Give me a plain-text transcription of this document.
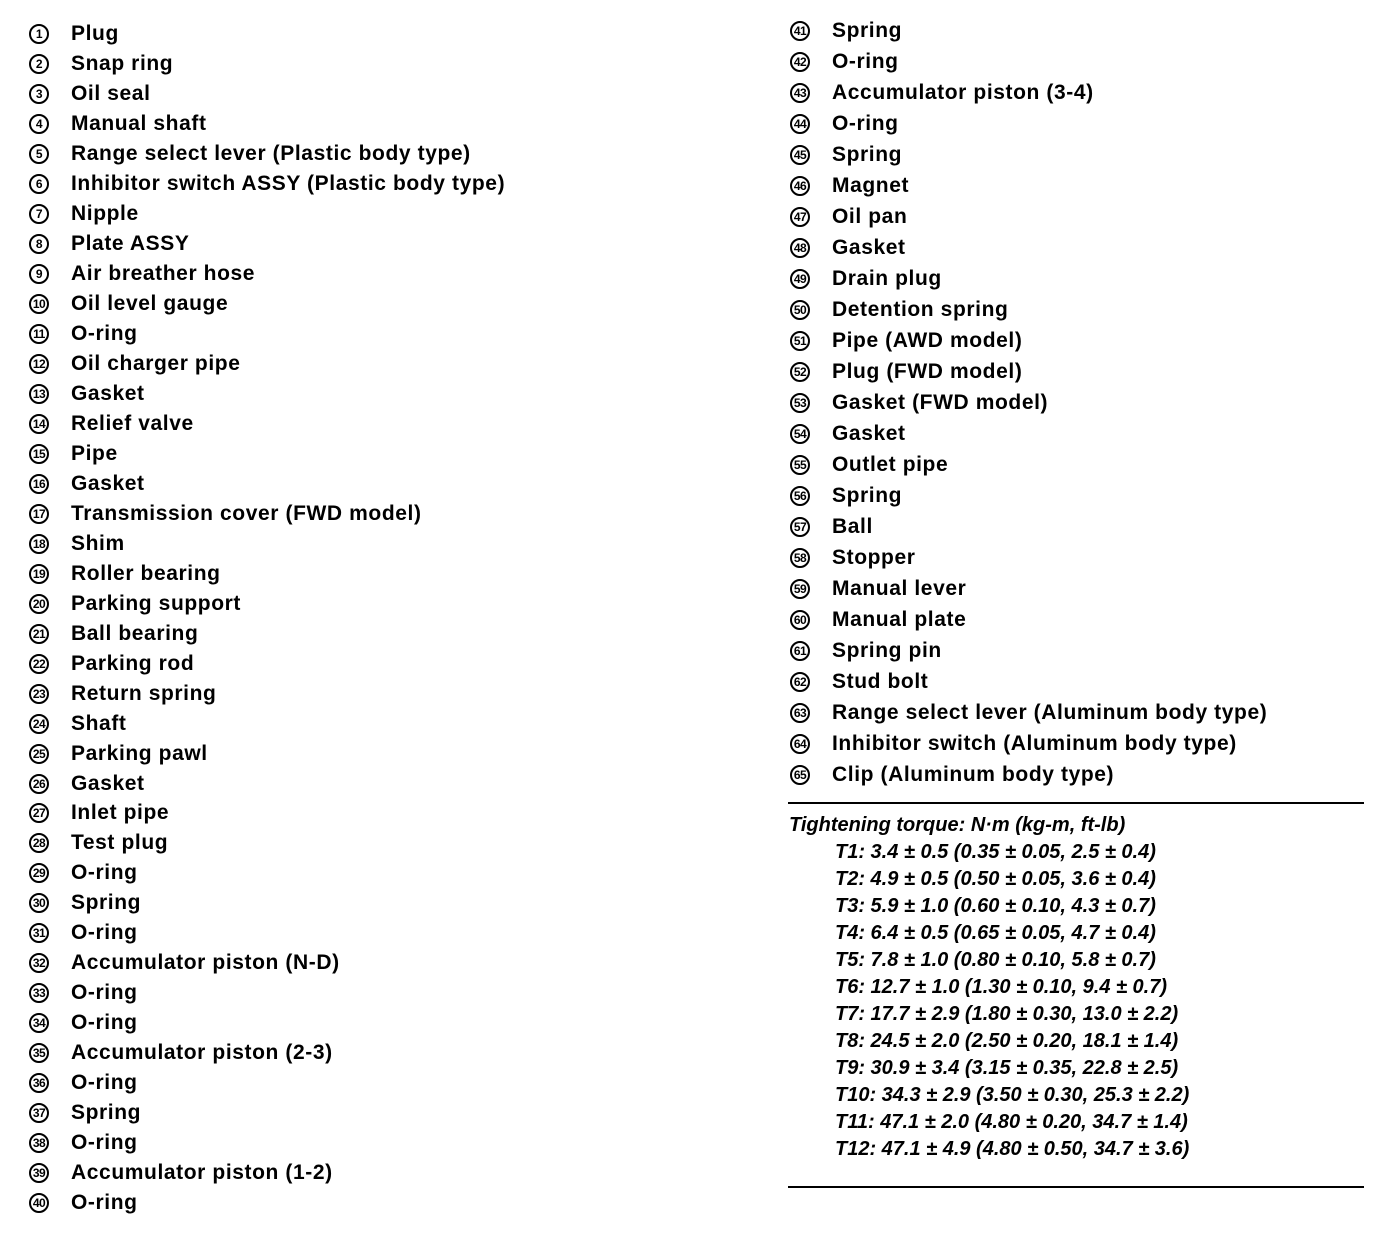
1	Plug
2	Snap ring
3	Oil seal
4	Manual shaft
5	Range select lever (Plastic body type)
6	Inhibitor switch ASSY (Plastic body type)
7	Nipple
8	Plate ASSY
9	Air breather hose
10 Oil level gauge
11 O-ring
12 Oil charger pipe
13 Gasket
14 Relief valve
15 Pipe
16 Gasket
17 Transmission cover (FWD model)
18 Shim
19 Roller bearing
20 Parking support
21 Ball bearing
22 Parking rod
23 Return spring
24 Shaft
25 Parking pawl
26 Gasket
27 Inlet pipe
28 Test plug
29 O-ring
30 Spring
31 O-ring
32 Accumulator piston (N-D)
33 O-ring
34 O-ring
35 Accumulator piston (2-3)
36 O-ring
37 Spring
38 O-ring
39 Accumulator piston (1-2)
40 O-ring
41 Spring
42 O-ring
43 Accumulator piston (3-4)
44 O-ring
45 Spring
46 Magnet
47 Oil pan
48 Gasket
49 Drain plug
50 Detention spring
51 Pipe (AWD model)
52 Plug (FWD model)
53 Gasket (FWD model)
54 Gasket
55 Outlet pipe
56 Spring
57 Ball
58 Stopper
59 Manual lever
60 Manual plate
61 Spring pin
62 Stud bolt
63 Range select lever (Aluminum body type)
64 Inhibitor switch (Aluminum body type)
65 Clip (Aluminum body type)
Tightening torque: N·m (kg-m, ft-lb)
T1: 3.4 ± 0.5 (0.35 ± 0.05, 2.5 ± 0.4)
T2: 4.9 ± 0.5 (0.50 ± 0.05, 3.6 ± 0.4)
T3: 5.9 ± 1.0 (0.60 ± 0.10, 4.3 ± 0.7)
T4: 6.4 ± 0.5 (0.65 ± 0.05, 4.7 ± 0.4)
T5: 7.8 ± 1.0 (0.80 ± 0.10, 5.8 ± 0.7)
T6: 12.7 ± 1.0 (1.30 ± 0.10, 9.4 ± 0.7)
T7: 17.7 ± 2.9 (1.80 ± 0.30, 13.0 ± 2.2)
T8: 24.5 ± 2.0 (2.50 ± 0.20, 18.1 ± 1.4)
T9: 30.9 ± 3.4 (3.15 ± 0.35, 22.8 ± 2.5)
T10: 34.3 ± 2.9 (3.50 ± 0.30, 25.3 ± 2.2)
T11: 47.1 ± 2.0 (4.80 ± 0.20, 34.7 ± 1.4)
T12: 47.1 ± 4.9 (4.80 ± 0.50, 34.7 ± 3.6)
